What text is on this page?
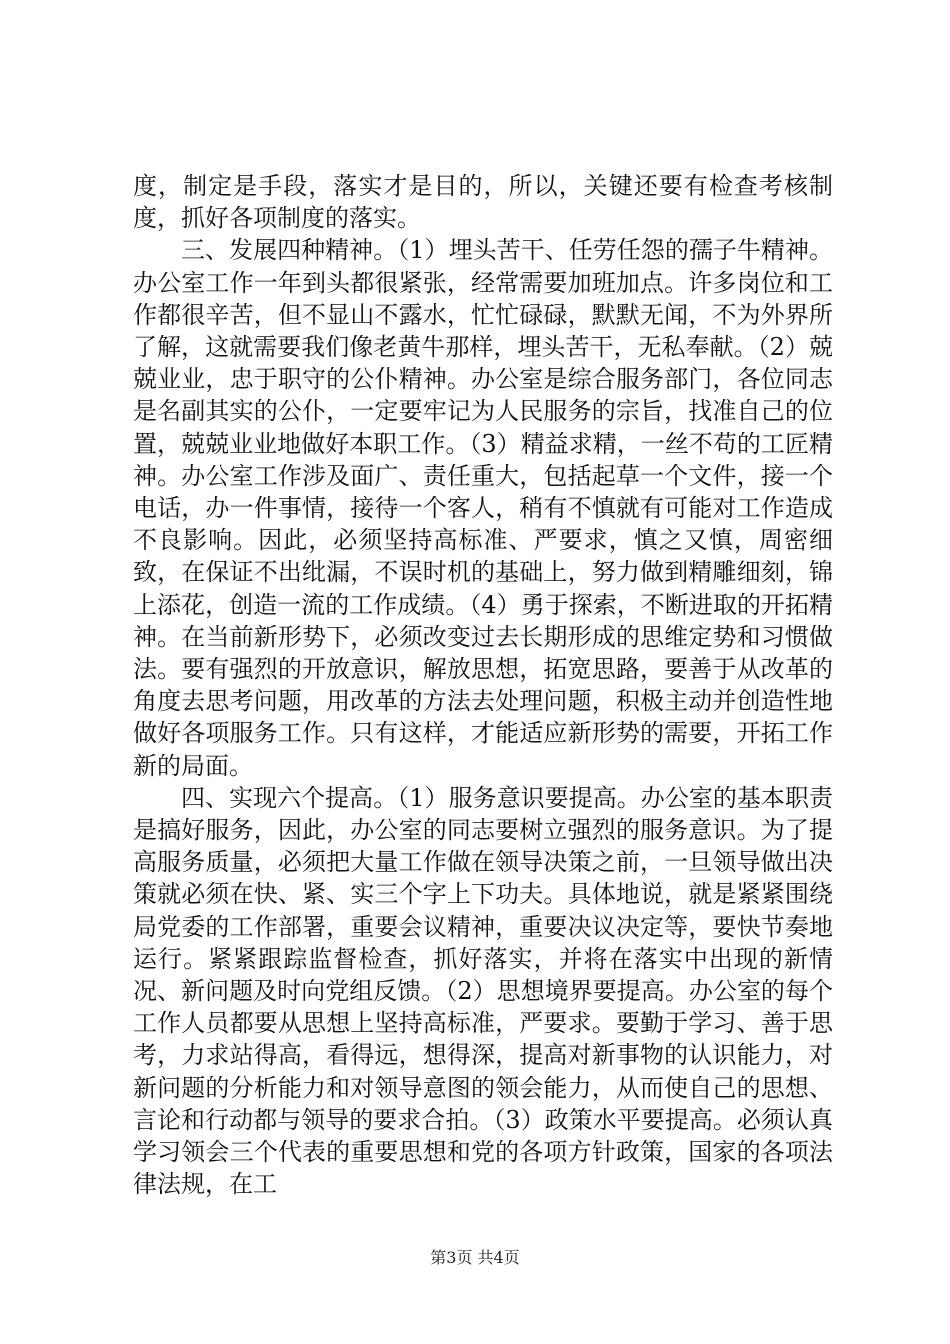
度，制定是手段，落实才是目的，所以，关键还要有检查考核制度，抓好各项制度的落实。

三、发展四种精神。（1）埋头苦干、任劳任怨的孺子牛精神。办公室工作一年到头都很紧张，经常需要加班加点。许多岗位和工作都很辛苦，但不显山不露水，忙忙碌碌，默默无闻，不为外界所了解，这就需要我们像老黄牛那样，埋头苦干，无私奉献。（2）兢兢业业，忠于职守的公仆精神。办公室是综合服务部门，各位同志是名副其实的公仆，一定要牢记为人民服务的宗旨，找准自己的位置，兢兢业业地做好本职工作。（3）精益求精，一丝不苟的工匠精神。办公室工作涉及面广、责任重大，包括起草一个文件，接一个电话，办一件事情，接待一个客人，稍有不慎就有可能对工作造成不良影响。因此，必须坚持高标准、严要求，慎之又慎，周密细致，在保证不出纰漏，不误时机的基础上，努力做到精雕细刻，锦上添花，创造一流的工作成绩。（4）勇于探索，不断进取的开拓精神。在当前新形势下，必须改变过去长期形成的思维定势和习惯做法。要有强烈的开放意识，解放思想，拓宽思路，要善于从改革的角度去思考问题，用改革的方法去处理问题，积极主动并创造性地做好各项服务工作。只有这样，才能适应新形势的需要，开拓工作新的局面。

四、实现六个提高。（1）服务意识要提高。办公室的基本职责是搞好服务，因此，办公室的同志要树立强烈的服务意识。为了提高服务质量，必须把大量工作做在领导决策之前，一旦领导做出决策就必须在快、紧、实三个字上下功夫。具体地说，就是紧紧围绕局党委的工作部署，重要会议精神，重要决议决定等，要快节奏地运行。紧紧跟踪监督检查，抓好落实，并将在落实中出现的新情况、新问题及时向党组反馈。（2）思想境界要提高。办公室的每个工作人员都要从思想上坚持高标准，严要求。要勤于学习、善于思考，力求站得高，看得远，想得深，提高对新事物的认识能力，对新问题的分析能力和对领导意图的领会能力，从而使自己的思想、言论和行动都与领导的要求合拍。（3）政策水平要提高。必须认真学习领会三个代表的重要思想和党的各项方针政策，国家的各项法律法规，在工

第3页 共4页
